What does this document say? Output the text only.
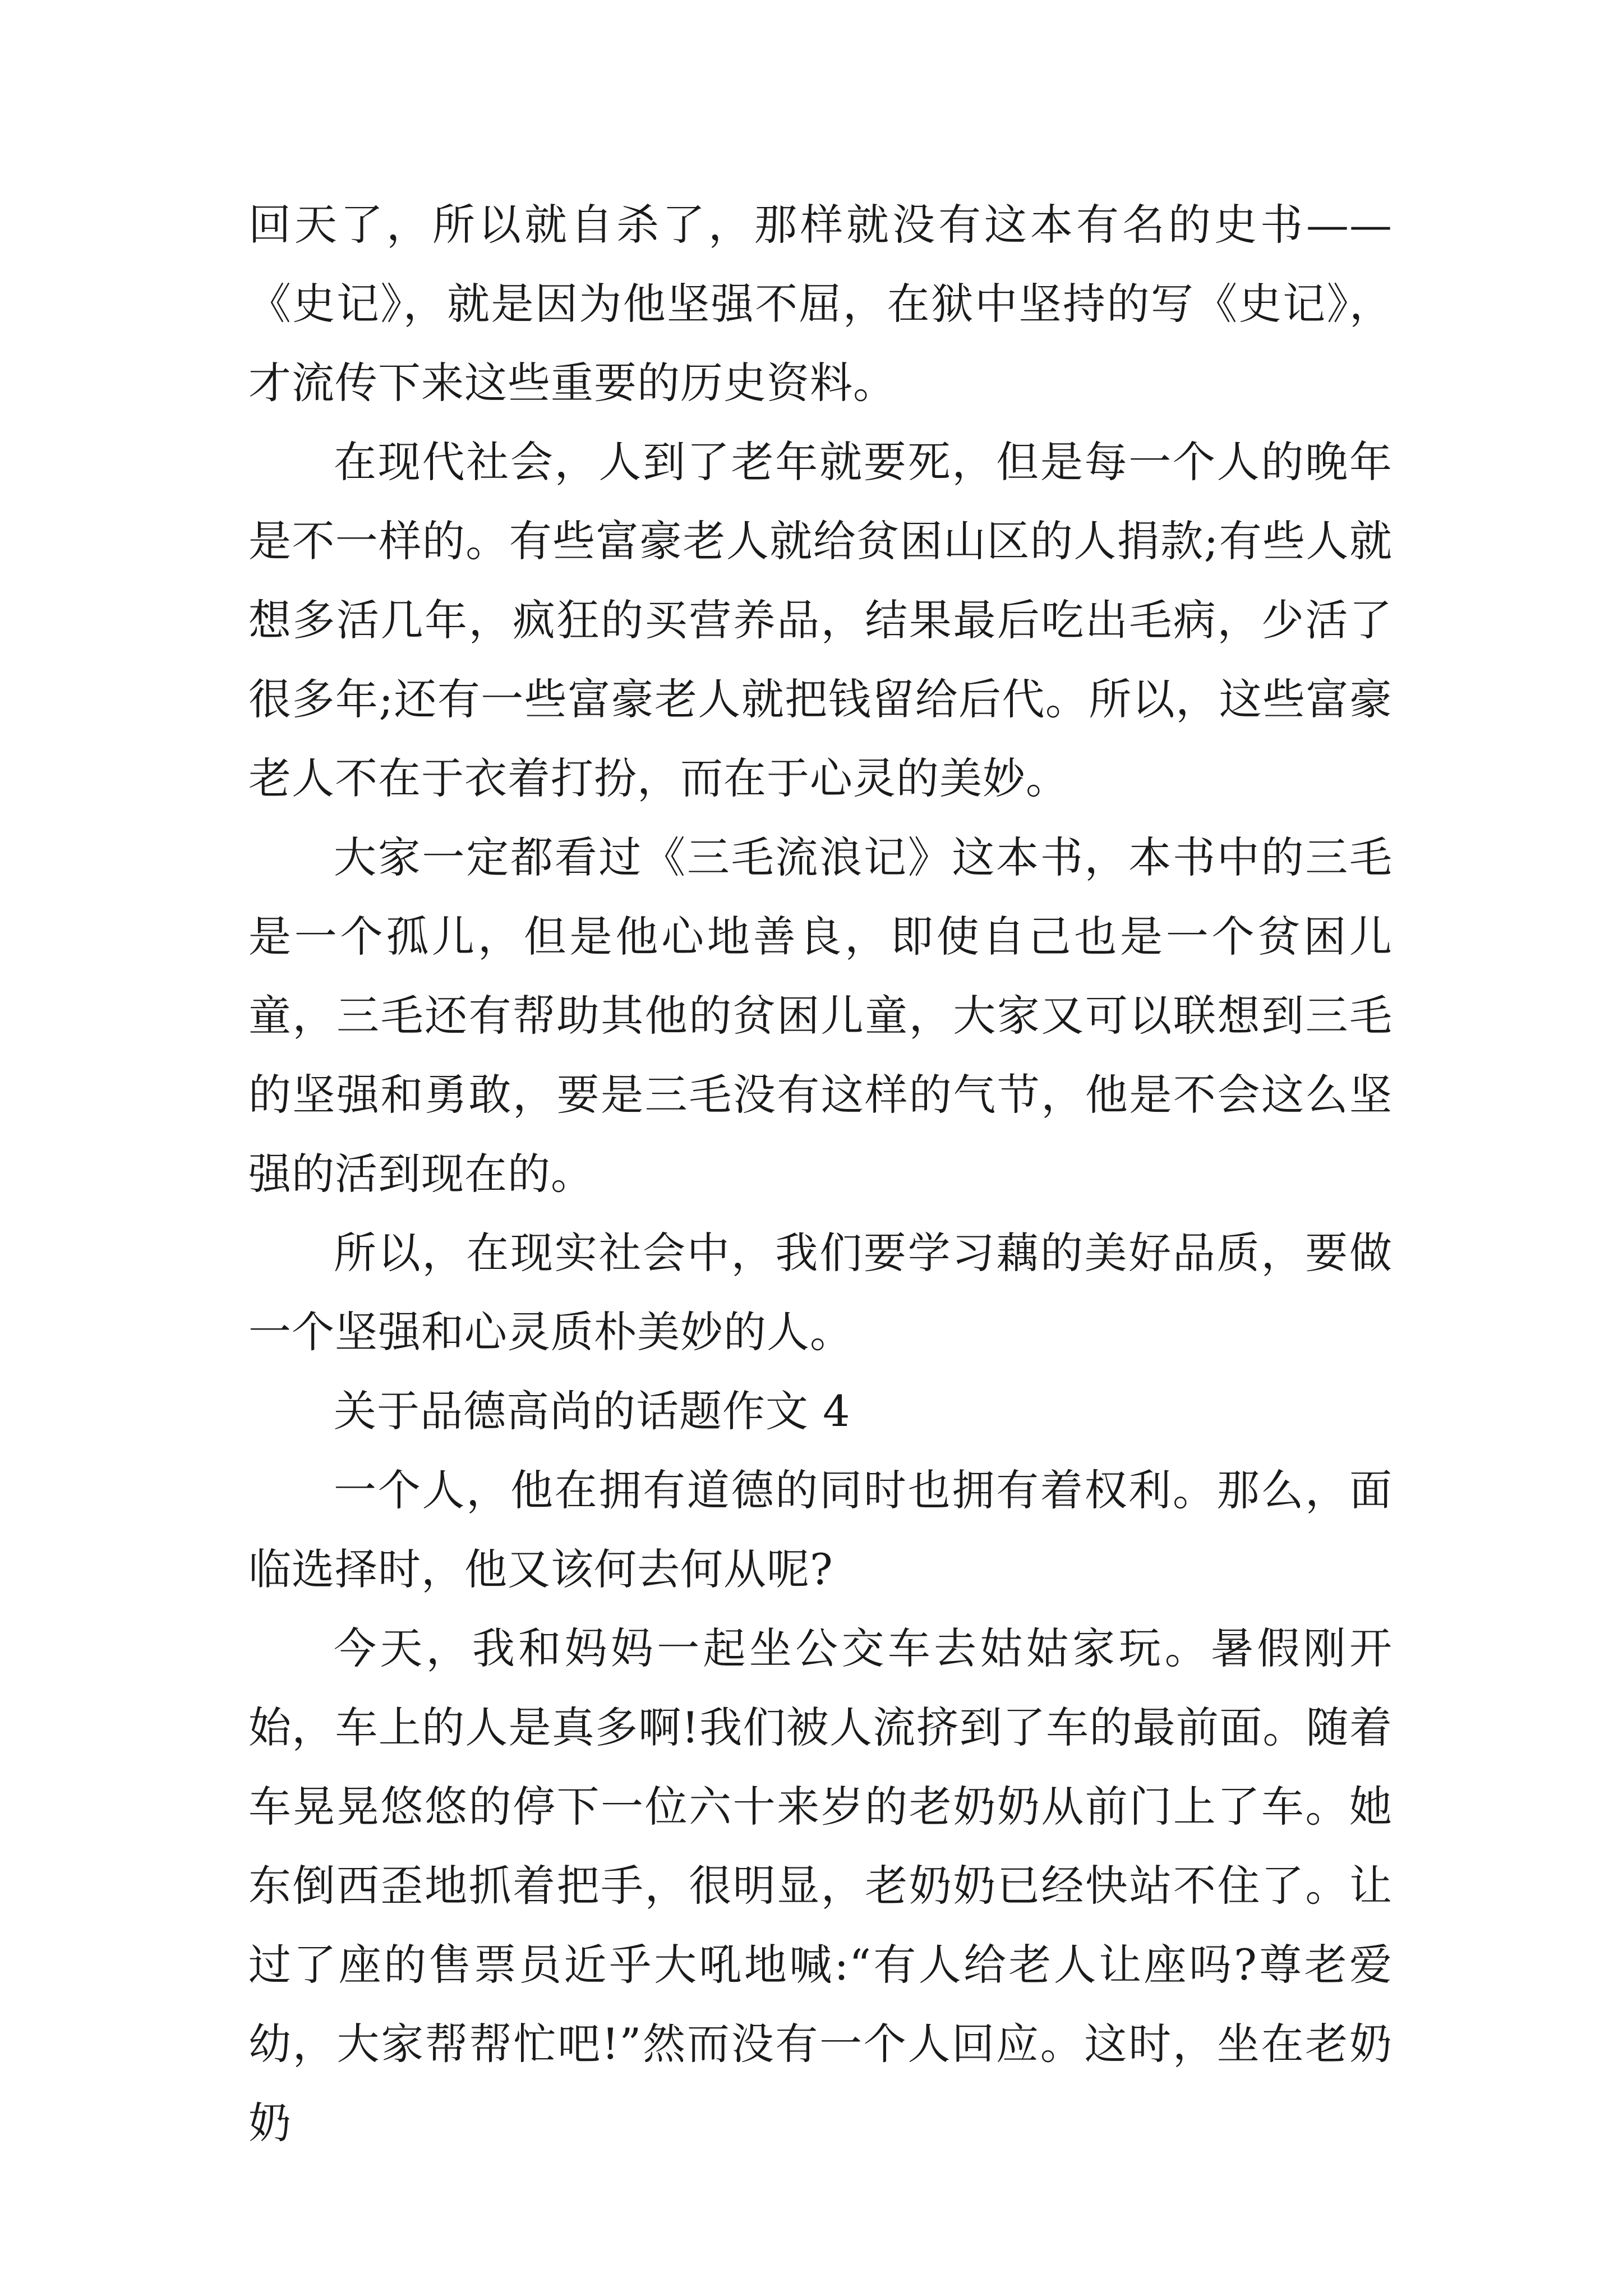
回天了，所以就自杀了，那样就没有这本有名的史书——《史记》，就是因为他坚强不屈，在狱中坚持的写《史记》，才流传下来这些重要的历史资料。

在现代社会，人到了老年就要死，但是每一个人的晚年是不一样的。有些富豪老人就给贫困山区的人捐款;有些人就想多活几年，疯狂的买营养品，结果最后吃出毛病，少活了很多年;还有一些富豪老人就把钱留给后代。所以，这些富豪老人不在于衣着打扮，而在于心灵的美妙。

大家一定都看过《三毛流浪记》这本书，本书中的三毛是一个孤儿，但是他心地善良，即使自己也是一个贫困儿童，三毛还有帮助其他的贫困儿童，大家又可以联想到三毛的坚强和勇敢，要是三毛没有这样的气节，他是不会这么坚强的活到现在的。

所以，在现实社会中，我们要学习藕的美好品质，要做一个坚强和心灵质朴美妙的人。

关于品德高尚的话题作文 4

一个人，他在拥有道德的同时也拥有着权利。那么，面临选择时，他又该何去何从呢?

今天，我和妈妈一起坐公交车去姑姑家玩。暑假刚开始，车上的人是真多啊!我们被人流挤到了车的最前面。随着车晃晃悠悠的停下一位六十来岁的老奶奶从前门上了车。她东倒西歪地抓着把手，很明显，老奶奶已经快站不住了。让过了座的售票员近乎大吼地喊:“有人给老人让座吗?尊老爱幼，大家帮帮忙吧!”然而没有一个人回应。这时，坐在老奶奶
